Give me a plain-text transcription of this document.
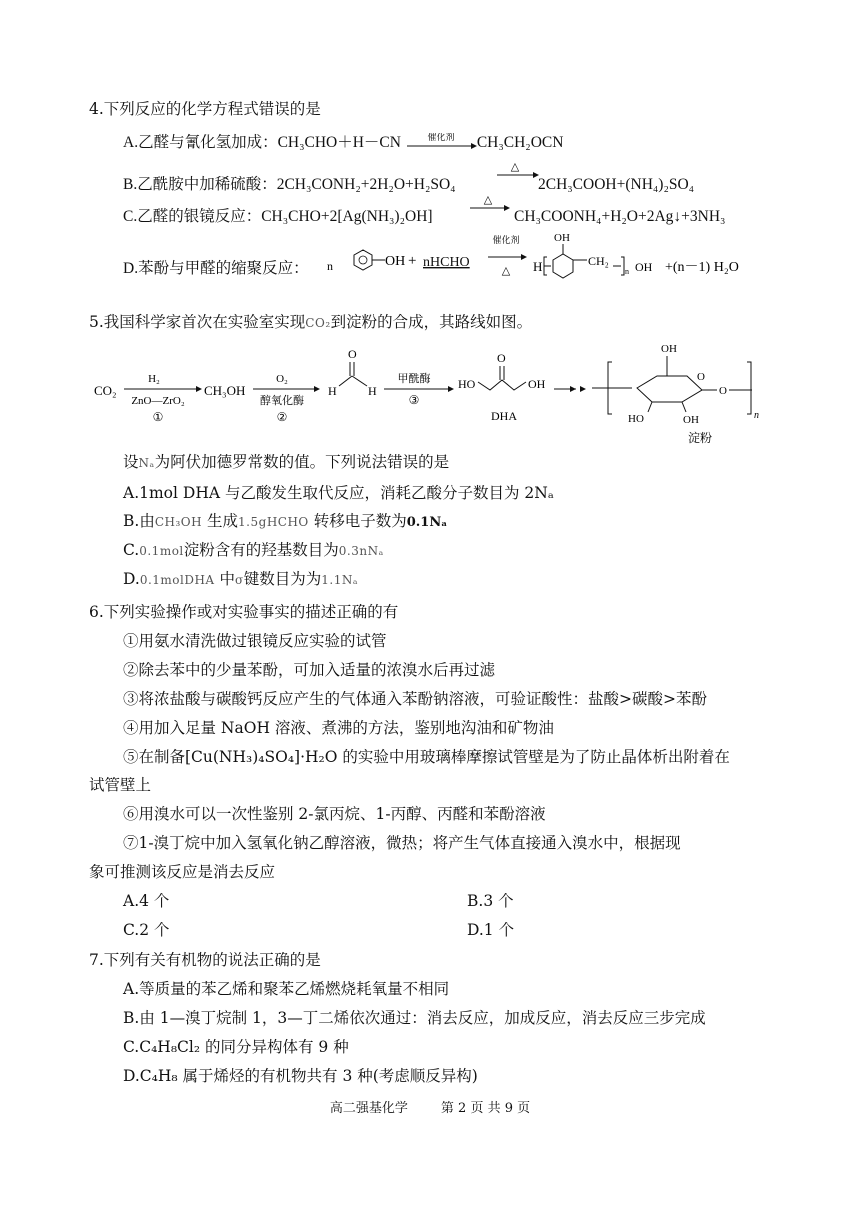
4.下列反应的化学方程式错误的是
A.乙醛与氰化氢加成：CH₃CHO＋H－CN	催化剂 CH₃CH₂OCN
B.乙酰胺中加稀硫酸：2CH₃CONH₂+2H₂O+H₂SO₄
△
2CH₃COOH+(NH₄)₂SO₄
C.乙醛的银镜反应：CH₃CHO+2[Ag(NH₃)₂OH]
△
CH₃COONH₄+H₂O+2Ag↓+3NH₃
D.苯酚与甲醛的缩聚反应： n	OH + nHCHO
催化剂
△ H
OH
CH₂
n OH +(n－1) H₂O
5.我国科学家首次在实验室实现CO₂到淀粉的合成，其路线如图。
CO₂
H₂
ZnO—ZrO₂
①
CH₃OH
O₂
醇氧化酶
②
O
H	H
甲酰酶
③
HO
O
OH
DHA
OH
O
HO	OH
O
n
淀粉
设Nₐ为阿伏加德罗常数的值。下列说法错误的是
A.1mol DHA 与乙酸发生取代反应，消耗乙酸分子数目为 2Nₐ
B.由CH₃OH 生成1.5gHCHO 转移电子数为0.1Nₐ
C.0.1mol淀粉含有的羟基数目为0.3nNₐ
D.0.1molDHA 中σ键数目为为1.1Nₐ
6.下列实验操作或对实验事实的描述正确的有
①用氨水清洗做过银镜反应实验的试管
②除去苯中的少量苯酚，可加入适量的浓溴水后再过滤
③将浓盐酸与碳酸钙反应产生的气体通入苯酚钠溶液，可验证酸性：盐酸>碳酸>苯酚
④用加入足量 NaOH 溶液、煮沸的方法，鉴别地沟油和矿物油
⑤在制备[Cu(NH₃)₄SO₄]·H₂O 的实验中用玻璃棒摩擦试管壁是为了防止晶体析出附着在
试管壁上
⑥用溴水可以一次性鉴别 2-氯丙烷、1-丙醇、丙醛和苯酚溶液
⑦1-溴丁烷中加入氢氧化钠乙醇溶液，微热；将产生气体直接通入溴水中，根据现
象可推测该反应是消去反应
A.4 个	B.3 个
C.2 个	D.1 个
7.下列有关有机物的说法正确的是
A.等质量的苯乙烯和聚苯乙烯燃烧耗氧量不相同
B.由 1—溴丁烷制 1，3—丁二烯依次通过：消去反应，加成反应，消去反应三步完成
C.C₄H₈Cl₂ 的同分异构体有 9 种
D.C₄H₈ 属于烯烃的有机物共有 3 种(考虑顺反异构)
高二强基化学        第 2 页 共 9 页
